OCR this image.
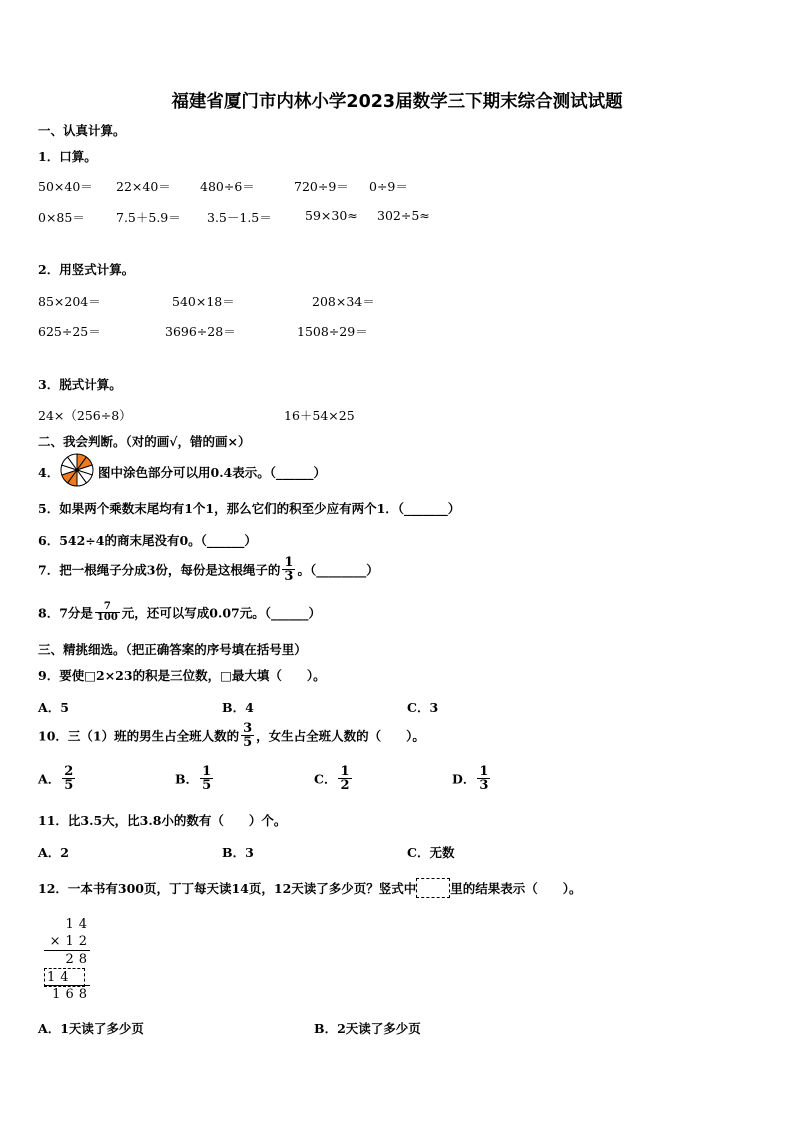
福建省厦门市内林小学2023届数学三下期末综合测试试题
一、认真计算。
1．口算。
50×40＝ 22×40＝ 480÷6＝	720÷9＝ 0÷9＝
0×85＝ 7.5＋5.9＝ 3.5－1.5＝	59×30≈ 302÷5≈
2．用竖式计算。
85×204＝	540×18＝	208×34＝
625÷25＝	3696÷28＝	1508÷29＝
3．脱式计算。
24×（256÷8）	16＋54×25
二、我会判断。（对的画√，错的画×）
4．	图中涂色部分可以用0.4表示。（______）
5．如果两个乘数末尾均有1个1，那么它们的积至少应有两个1．（_______）
6．542÷4的商末尾没有0。（______）
7．把一根绳子分成3份，每份是这根绳子的 $\frac{1}{3}$ 。（________）
8．7分是 $\frac{7}{100}$ 元，还可以写成0.07元。（______）
三、精挑细选。（把正确答案的序号填在括号里）
9．要使□2×23的积是三位数，□最大填（　　）。
A．5	B．4	C．3
10．三（1）班的男生占全班人数的 $\frac{3}{5}$ ，女生占全班人数的（　　）。
A． $\frac{2}{5}$	B． $\frac{1}{5}$	C． $\frac{1}{2}$	D． $\frac{1}{3}$
11．比3.5大，比3.8小的数有（　　）个。
A．2	B．3	C．无数
12．一本书有300页，丁丁每天读14页，12天读了多少页？竖式中	里的结果表示（　　）。
14
×12
28
14
168
A．1天读了多少页	B．2天读了多少页
